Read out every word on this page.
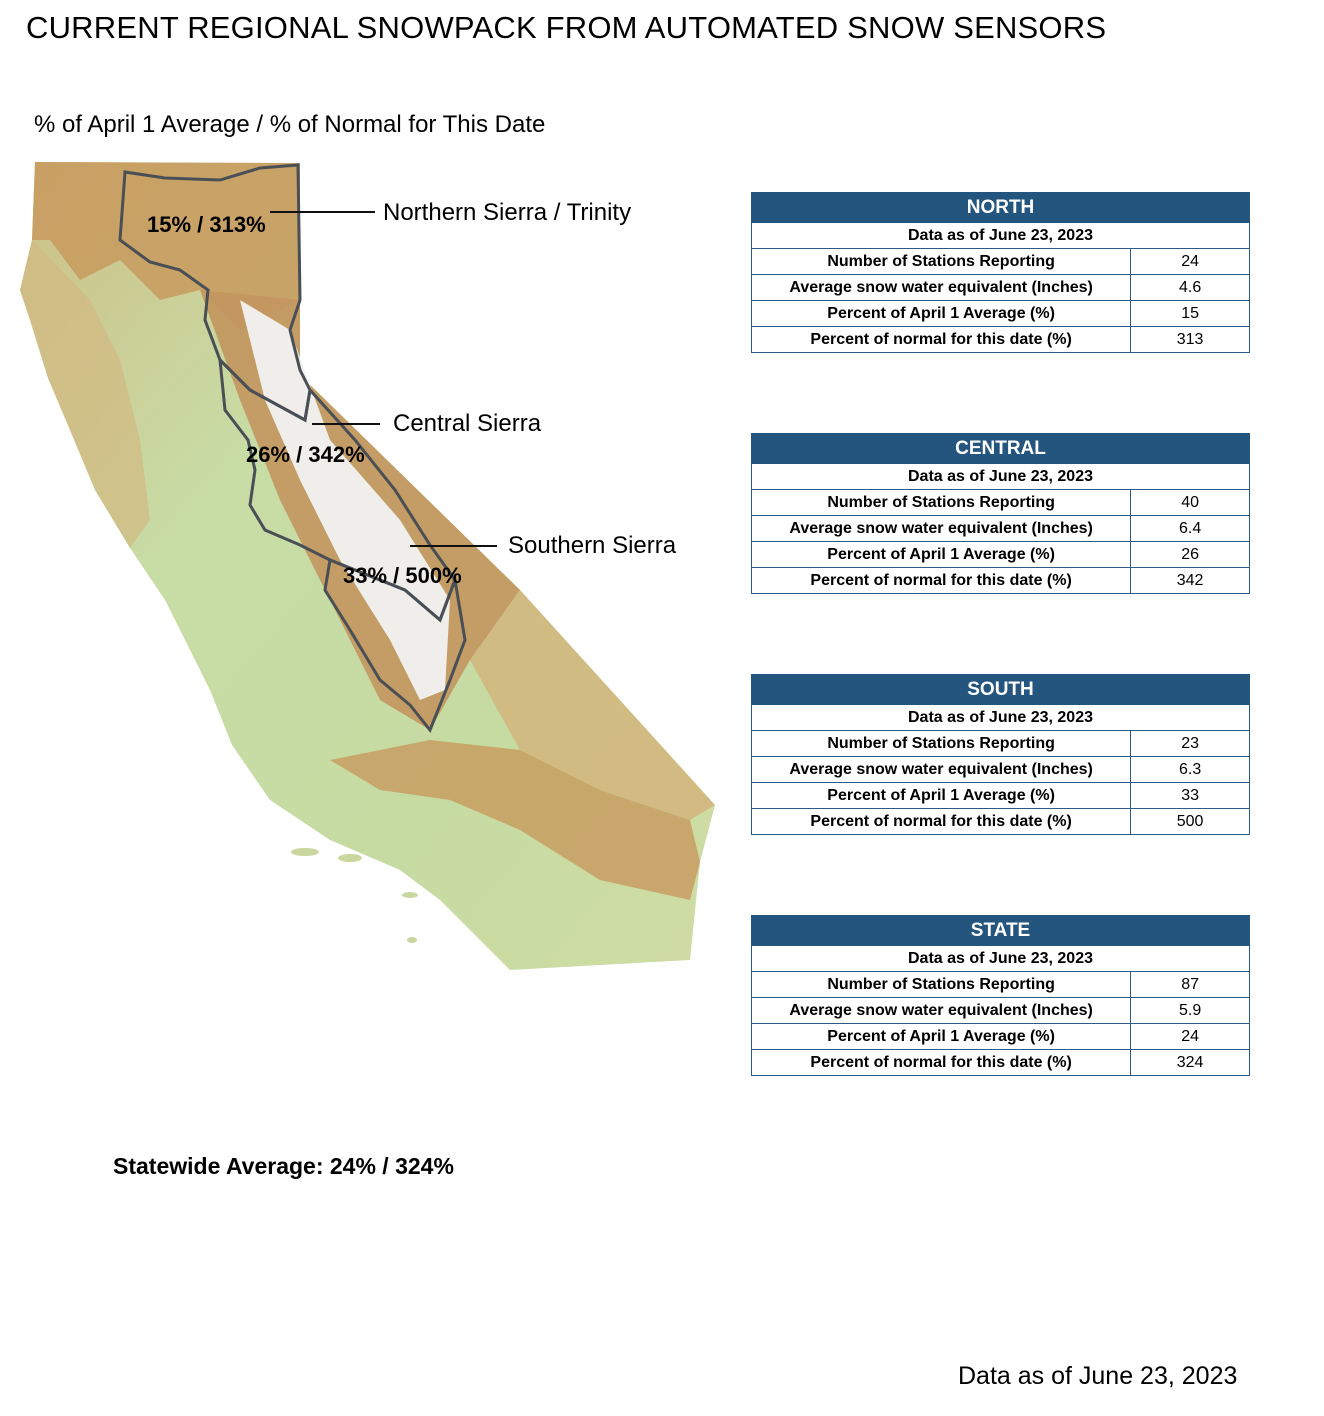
CURRENT REGIONAL SNOWPACK FROM AUTOMATED SNOW SENSORS
% of April 1 Average / % of Normal for This Date
Northern Sierra / Trinity
15% / 313%
Central Sierra
26% / 342%
Southern Sierra
33% / 500%
NORTH	
Data as of June 23, 2023	
Number of Stations Reporting	24
Average snow water equivalent (Inches)	4.6
Percent of April 1 Average (%)	15
Percent of normal for this date (%)	313
CENTRAL	
Data as of June 23, 2023	
Number of Stations Reporting	40
Average snow water equivalent (Inches)	6.4
Percent of April 1 Average (%)	26
Percent of normal for this date (%)	342
SOUTH	
Data as of June 23, 2023	
Number of Stations Reporting	23
Average snow water equivalent (Inches)	6.3
Percent of April 1 Average (%)	33
Percent of normal for this date (%)	500
STATE	
Data as of June 23, 2023	
Number of Stations Reporting	87
Average snow water equivalent (Inches)	5.9
Percent of April 1 Average (%)	24
Percent of normal for this date (%)	324
Statewide Average: 24% / 324%
Data as of June 23, 2023
